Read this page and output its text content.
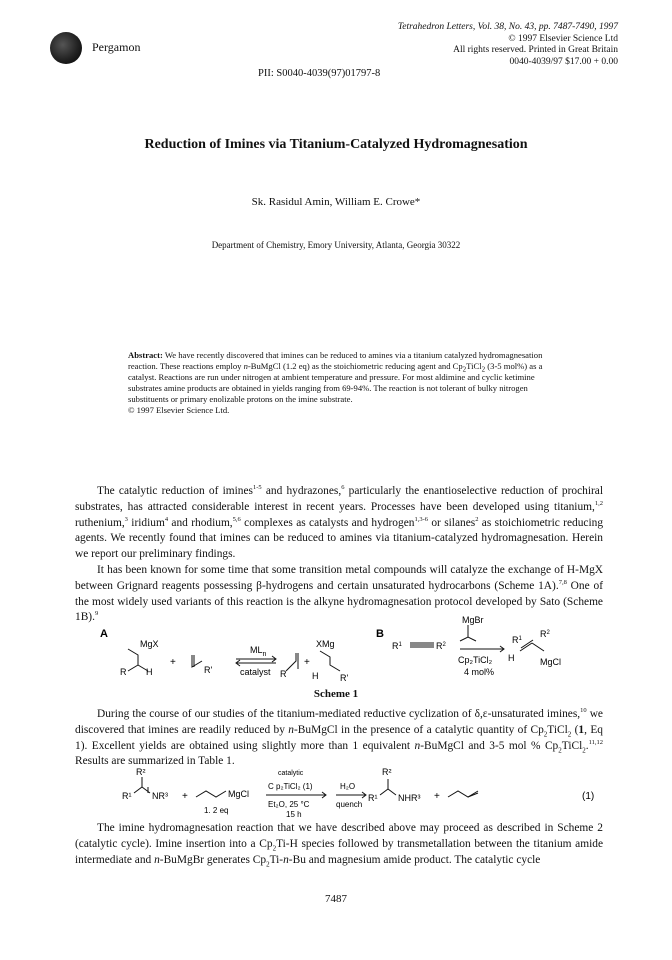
Pergamon
Tetrahedron Letters, Vol. 38, No. 43, pp. 7487-7490, 1997
© 1997 Elsevier Science Ltd
All rights reserved. Printed in Great Britain
0040-4039/97 $17.00 + 0.00
PII: S0040-4039(97)01797-8
Reduction of Imines via Titanium-Catalyzed Hydromagnesation
Sk. Rasidul Amin, William E. Crowe*
Department of Chemistry, Emory University, Atlanta, Georgia 30322
Abstract: We have recently discovered that imines can be reduced to amines via a titanium catalyzed hydromagnesation reaction. These reactions employ n-BuMgCl (1.2 eq) as the stoichiometric reducing agent and $Cp_2TiCl_2$ (3-5 mol%) as a catalyst. Reactions are run under nitrogen at ambient temperature and pressure. For most aldimine and cyclic ketimine substrates amine products are obtained in yields ranging from 69-94%. The reaction is not tolerant of bulky nitrogen substituents or primary enolizable protons on the imine substrate.
© 1997 Elsevier Science Ltd.
The catalytic reduction of imines$^{1-5}$ and hydrazones,$^6$ particularly the enantioselective reduction of prochiral substrates, has attracted considerable interest in recent years. Processes have been developed using titanium,$^{1,2}$ ruthenium,$^3$ iridium$^4$ and rhodium,$^{5,6}$ complexes as catalysts and hydrogen$^{1,3-6}$ or silanes$^2$ as stoichiometric reducing agents. We recently found that imines can be reduced to amines via titanium-catalyzed hydromagnesation. Herein we report our preliminary findings.
It has been known for some time that some transition metal compounds will catalyze the exchange of H-MgX between Grignard reagents possessing β-hydrogens and certain unsaturated hydrocarbons (Scheme 1A).$^{7,8}$ One of the most widely used variants of this reaction is the alkyne hydromagnesation protocol developed by Sato (Scheme 1B).$^9$
A
MgX
R H
+
R'
$ML_n$
catalyst R
+
XMg
H R'
B
$R^1$	$R^2$
MgBr
Cp₂TiCl₂
4 mol%
$R^1$ $R^2$
H	MgCl
Scheme 1
During the course of our studies of the titanium-mediated reductive cyclization of δ,ε-unsaturated imines,$^{10}$ we discovered that imines are readily reduced by n-BuMgCl in the presence of a catalytic quantity of $Cp_2TiCl_2$ (1, Eq 1). Excellent yields are obtained using slightly more than 1 equivalent n-BuMgCl and 3-5 mol % $Cp_2TiCl_2.^{11,12}$ Results are summarized in Table 1.
R²
R¹ NR³ +	MgCl
1. 2 eq
catalytic
C p₂TiCl₂ (1)
Et₂O, 25 °C
15 h
H₂O
quench
R²
R¹ NHR³ +	(1)
The imine hydromagnesation reaction that we have described above may proceed as described in Scheme 2 (catalytic cycle). Imine insertion into a $Cp_2Ti-H$ species followed by transmetallation between the titanium amide intermediate and n-BuMgBr generates $Cp_2Ti-n-Bu$ and magnesium amide product. The catalytic cycle
7487
